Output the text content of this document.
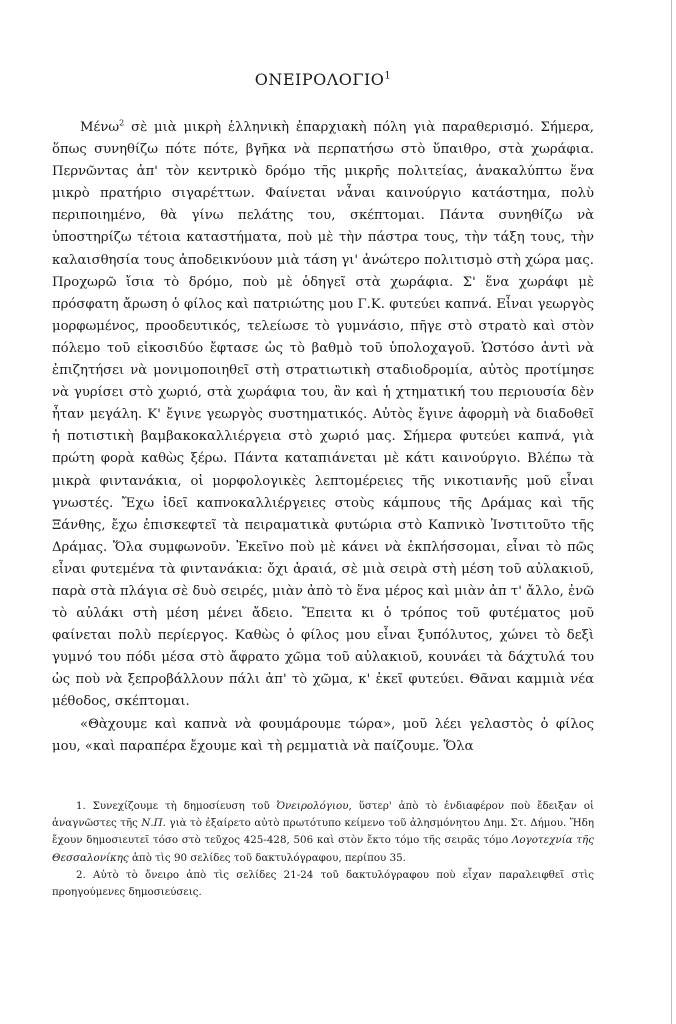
ΟΝΕΙΡΟΛΟΓΙΟ$^1$

Μένω$^2$ σὲ μιὰ μικρὴ ἑλληνικὴ ἐπαρχιακὴ πόλη γιὰ παραθερισμό. Σήμερα, ὅπως συνηθίζω πότε πότε, βγῆκα νὰ περπατήσω στὸ ὕπαιθρο, στὰ χωράφια. Περνῶντας ἀπ' τὸν κεντρικὸ δρόμο τῆς μικρῆς πολιτείας, ἀνακαλύπτω ἕνα μικρὸ πρατήριο σιγαρέττων. Φαίνεται νἆναι καινούργιο κατάστημα, πολὺ περιποιημένο, θὰ γίνω πελάτης του, σκέπτομαι. Πάντα συνηθίζω νὰ ὑποστηρίζω τέτοια καταστήματα, ποὺ μὲ τὴν πάστρα τους, τὴν τάξη τους, τὴν καλαισθησία τους ἀποδεικνύουν μιὰ τάση γι' ἀνώτερο πολιτισμὸ στὴ χώρα μας. Προχωρῶ ἴσια τὸ δρόμο, ποὺ μὲ ὁδηγεῖ στὰ χωράφια. Σ' ἕνα χωράφι μὲ πρόσφατη ἄρωση ὁ φίλος καὶ πατριώτης μου Γ.Κ. φυτεύει καπνά. Εἶναι γεωργὸς μορφωμένος, προοδευτικός, τελείωσε τὸ γυμνάσιο, πῆγε στὸ στρατὸ καὶ στὸν πόλεμο τοῦ εἰκοσιδύο ἔφτασε ὡς τὸ βαθμὸ τοῦ ὑπολοχαγοῦ. Ὡστόσο ἀντὶ νὰ ἐπιζητήσει νὰ μονιμοποιηθεῖ στὴ στρατιωτικὴ σταδιοδρομία, αὐτὸς προτίμησε νὰ γυρίσει στὸ χωριό, στὰ χωράφια του, ἂν καὶ ἡ χτηματική του περιουσία δὲν ἦταν μεγάλη. Κ' ἔγινε γεωργὸς συστηματικός. Αὐτὸς ἔγινε ἀφορμὴ νὰ διαδοθεῖ ἡ ποτιστικὴ βαμβακοκαλλιέργεια στὸ χωριό μας. Σήμερα φυτεύει καπνά, γιὰ πρώτη φορὰ καθὼς ξέρω. Πάντα καταπιάνεται μὲ κάτι καινούργιο. Βλέπω τὰ μικρὰ φιντανάκια, οἱ μορφολογικὲς λεπτομέρειες τῆς νικοτιανῆς μοῦ εἶναι γνωστές. Ἔχω ἰδεῖ καπνοκαλλιέργειες στοὺς κάμπους τῆς Δράμας καὶ τῆς Ξάνθης, ἔχω ἐπισκεφτεῖ τὰ πειραματικὰ φυτώρια στὸ Καπνικὸ Ἰνστιτοῦτο τῆς Δράμας. Ὅλα συμφωνοῦν. Ἐκεῖνο ποὺ μὲ κάνει νὰ ἐκπλήσσομαι, εἶναι τὸ πῶς εἶναι φυτεμένα τὰ φιντανάκια: ὄχι ἀραιά, σὲ μιὰ σειρὰ στὴ μέση τοῦ αὐλακιοῦ, παρὰ στὰ πλάγια σὲ δυὸ σειρές, μιὰν ἀπὸ τὸ ἕνα μέρος καὶ μιὰν ἀπ τ' ἄλλο, ἐνῶ τὸ αὐλάκι στὴ μέση μένει ἄδειο. Ἔπειτα κι ὁ τρόπος τοῦ φυτέματος μοῦ φαίνεται πολὺ περίεργος. Καθὼς ὁ φίλος μου εἶναι ξυπόλυτος, χώνει τὸ δεξὶ γυμνό του πόδι μέσα στὸ ἄφρατο χῶμα τοῦ αὐλακιοῦ, κουνάει τὰ δάχτυλά του ὡς ποὺ νὰ ξεπροβάλλουν πάλι ἀπ' τὸ χῶμα, κ' ἐκεῖ φυτεύει. Θᾶναι καμμιὰ νέα μέθοδος, σκέπτομαι.

«Θὰχουμε καὶ καπνὰ νὰ φουμάρουμε τώρα», μοῦ λέει γελαστὸς ὁ φίλος μου, «καὶ παραπέρα ἔχουμε καὶ τὴ ρεμματιὰ νὰ παίζουμε. Ὅλα

1. Συνεχίζουμε τὴ δημοσίευση τοῦ Ὀνειρολόγιου, ὕστερ' ἀπὸ τὸ ἐνδιαφέρον ποὺ ἔδειξαν οἱ ἀναγνῶστες τῆς Ν.Π. γιὰ τὸ ἐξαίρετο αὐτὸ πρωτότυπο κείμενο τοῦ ἀλησμόνητου Δημ. Στ. Δήμου. Ἤδη ἔχουν δημοσιευτεῖ τόσο στὸ τεῦχος 425-428, 506 καὶ στὸν ἔκτο τόμο τῆς σειρᾶς τόμο Λογοτεχνία τῆς Θεσσαλονίκης ἀπὸ τὶς 90 σελίδες τοῦ δακτυλόγραφου, περίπου 35.

2. Αὐτὸ τὸ ὄνειρο ἀπὸ τὶς σελίδες 21-24 τοῦ δακτυλόγραφου ποὺ εἶχαν παραλειφθεῖ στὶς προηγούμενες δημοσιεύσεις.
